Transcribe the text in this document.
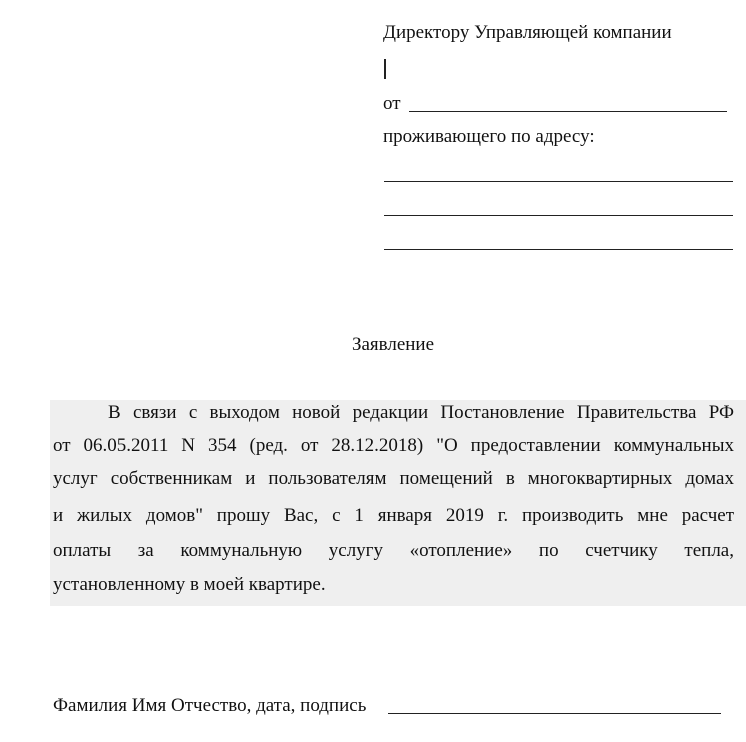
Директору Управляющей компании
от
проживающего по адресу:
Заявление
В связи с выходом новой редакции Постановление Правительства РФ
от 06.05.2011 N 354 (ред. от 28.12.2018) "О предоставлении коммунальных
услуг собственникам и пользователям помещений в многоквартирных домах
и жилых домов" прошу Вас, с 1 января 2019 г. производить мне расчет
оплаты за коммунальную услугу «отопление» по счетчику тепла,
установленному в моей квартире.
Фамилия Имя Отчество, дата, подпись
